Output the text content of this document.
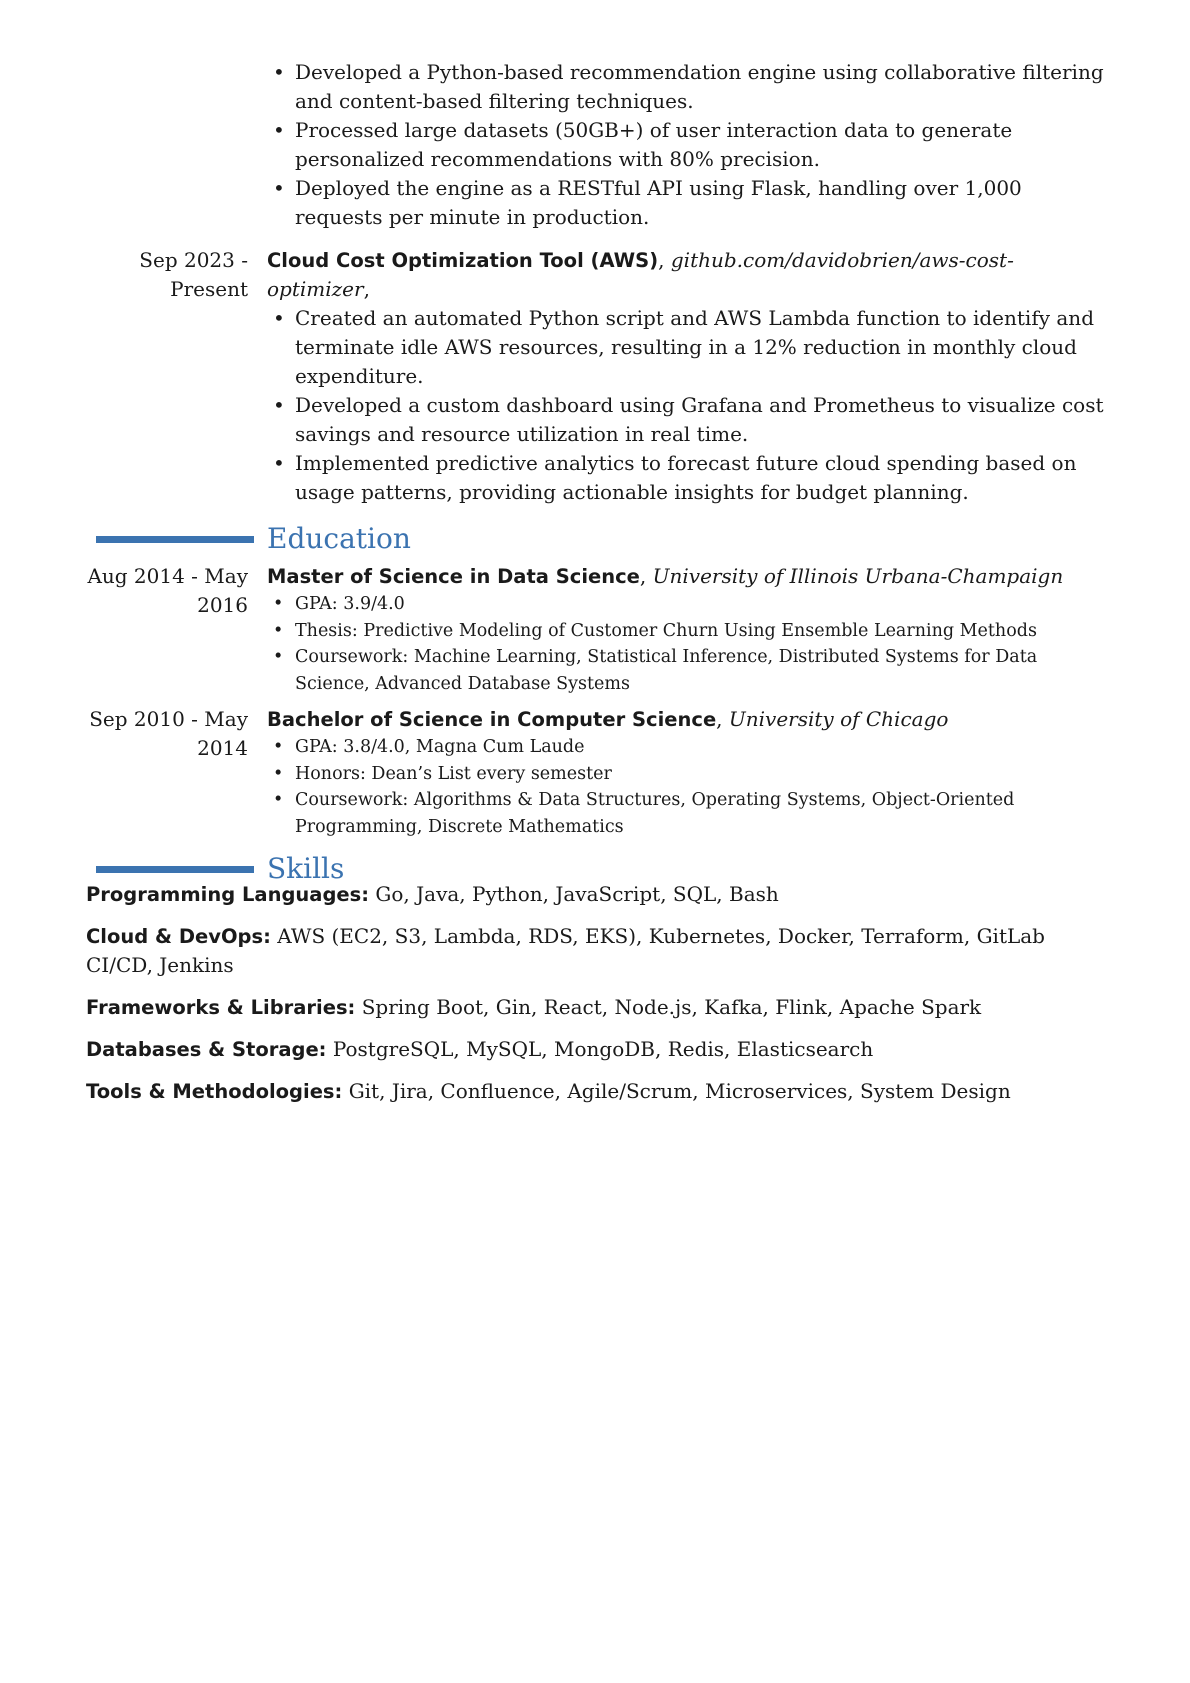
• Developed a Python-based recommendation engine using collaborative filtering and content-based filtering techniques.
• Processed large datasets (50GB+) of user interaction data to generate personalized recommendations with 80% precision.
• Deployed the engine as a RESTful API using Flask, handling over 1,000 requests per minute in production.
Sep 2023 - Present
Cloud Cost Optimization Tool (AWS), github.com/davidobrien/aws-cost-optimizer,
• Created an automated Python script and AWS Lambda function to identify and terminate idle AWS resources, resulting in a 12% reduction in monthly cloud expenditure.
• Developed a custom dashboard using Grafana and Prometheus to visualize cost savings and resource utilization in real time.
• Implemented predictive analytics to forecast future cloud spending based on usage patterns, providing actionable insights for budget planning.
Education
Aug 2014 - May 2016
Master of Science in Data Science, University of Illinois Urbana-Champaign
• GPA: 3.9/4.0
• Thesis: Predictive Modeling of Customer Churn Using Ensemble Learning Methods
• Coursework: Machine Learning, Statistical Inference, Distributed Systems for Data Science, Advanced Database Systems
Sep 2010 - May 2014
Bachelor of Science in Computer Science, University of Chicago
• GPA: 3.8/4.0, Magna Cum Laude
• Honors: Dean’s List every semester
• Coursework: Algorithms & Data Structures, Operating Systems, Object-Oriented Programming, Discrete Mathematics
Skills
Programming Languages: Go, Java, Python, JavaScript, SQL, Bash
Cloud & DevOps: AWS (EC2, S3, Lambda, RDS, EKS), Kubernetes, Docker, Terraform, GitLab CI/CD, Jenkins
Frameworks & Libraries: Spring Boot, Gin, React, Node.js, Kafka, Flink, Apache Spark
Databases & Storage: PostgreSQL, MySQL, MongoDB, Redis, Elasticsearch
Tools & Methodologies: Git, Jira, Confluence, Agile/Scrum, Microservices, System Design
